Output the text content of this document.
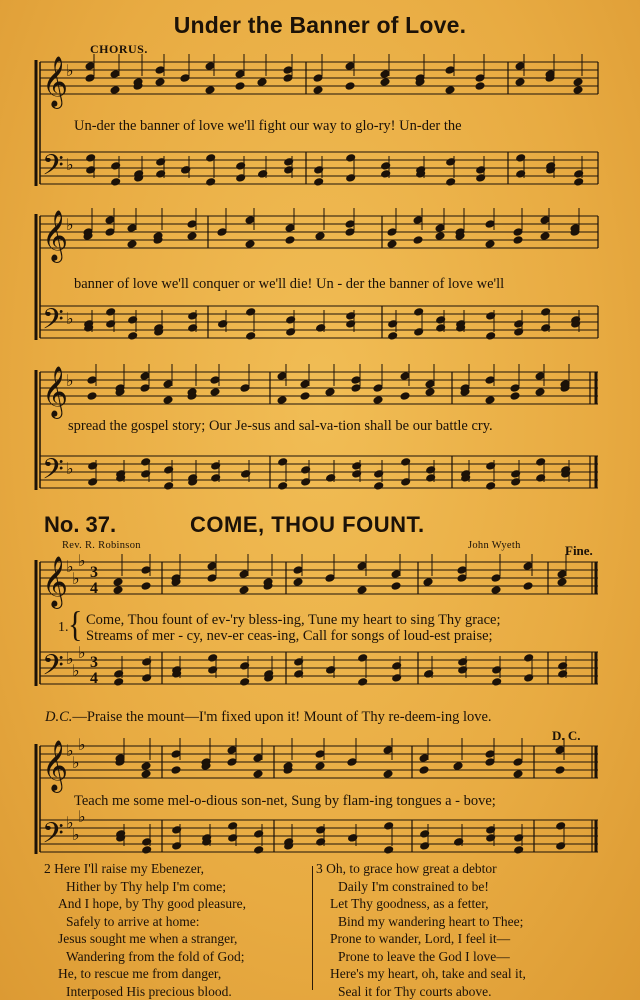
Under the Banner of Love.
CHORUS.
𝄞
𝄢
𝄞
𝄢
𝄞
𝄢
𝄞
𝄢
𝄞
𝄢
♭
♭
♭
♭
♭
♭
♭
♭
♭
♭
♭
♭
♭
♭
♭
♭
♭
♭
3
4
3
4
Un-der the banner of love we'll fight our way to glo-ry! Un-der the
banner of love we'll conquer or we'll die! Un - der the banner of love we'll
spread the gospel story; Our Je-sus and sal-va-tion shall be our battle cry.
No. 37.	COME, THOU FOUNT.
Rev. R. Robinson	John Wyeth	Fine.
1. { Come, Thou fount of ev-'ry bless-ing, Tune my heart to sing Thy grace;
Streams of mer - cy, nev-er ceas-ing, Call for songs of loud-est praise;
D.C.—Praise the mount—I'm fixed upon it! Mount of Thy re-deem-ing love.
D. C.
Teach me some mel-o-dious son-net, Sung by flam-ing tongues a - bove;
2 Here I'll raise my Ebenezer,
Hither by Thy help I'm come;
And I hope, by Thy good pleasure,
Safely to arrive at home:
Jesus sought me when a stranger,
Wandering from the fold of God;
He, to rescue me from danger,
Interposed His precious blood.
3 Oh, to grace how great a debtor
Daily I'm constrained to be!
Let Thy goodness, as a fetter,
Bind my wandering heart to Thee;
Prone to wander, Lord, I feel it—
Prone to leave the God I love—
Here's my heart, oh, take and seal it,
Seal it for Thy courts above.
